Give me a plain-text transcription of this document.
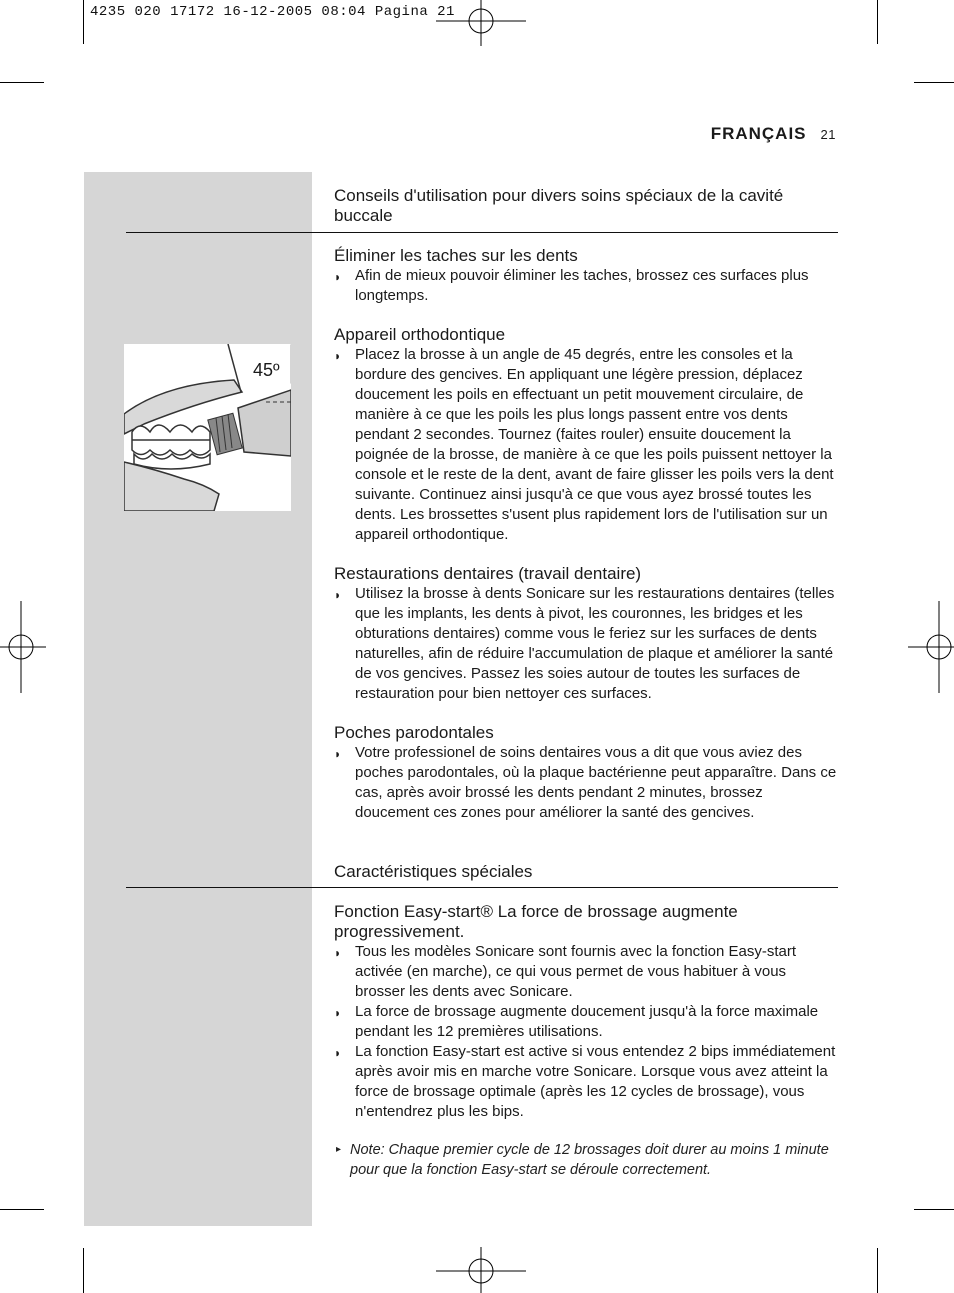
4235 020 17172 16-12-2005 08:04 Pagina 21
FRANÇAIS 21
45º

Conseils d'utilisation pour divers soins spéciaux de la cavité buccale

Éliminer les taches sur les dents

◗ Afin de mieux pouvoir éliminer les taches, brossez ces surfaces plus longtemps.

Appareil orthodontique

◗ Placez la brosse à un angle de 45 degrés, entre les consoles et la bordure des gencives. En appliquant une légère pression, déplacez doucement les poils en effectuant un petit mouvement circulaire, de manière à ce que les poils les plus longs passent entre vos dents pendant 2 secondes. Tournez (faites rouler) ensuite doucement la poignée de la brosse, de manière à ce que les poils puissent nettoyer la console et le reste de la dent, avant de faire glisser les poils vers la dent suivante. Continuez ainsi jusqu'à ce que vous ayez brossé toutes les dents. Les brossettes s'usent plus rapidement lors de l'utilisation sur un appareil orthodontique.

Restaurations dentaires (travail dentaire)

◗ Utilisez la brosse à dents Sonicare sur les restaurations dentaires (telles que les implants, les dents à pivot, les couronnes, les bridges et les obturations dentaires) comme vous le feriez sur les surfaces de dents naturelles, afin de réduire l'accumulation de plaque et améliorer la santé de vos gencives. Passez les soies autour de toutes les surfaces de restauration pour bien nettoyer ces surfaces.

Poches parodontales

◗ Votre professionel de soins dentaires vous a dit que vous aviez des poches parodontales, où la plaque bactérienne peut apparaître. Dans ce cas, après avoir brossé les dents pendant 2 minutes, brossez doucement ces zones pour améliorer la santé des gencives.

Caractéristiques spéciales

Fonction Easy-start® La force de brossage augmente progressivement.

◗ Tous les modèles Sonicare sont fournis avec la fonction Easy-start activée (en marche), ce qui vous permet de vous habituer à vous brosser les dents avec Sonicare.

◗ La force de brossage augmente doucement jusqu'à la force maximale pendant les 12 premières utilisations.

◗ La fonction Easy-start est active si vous entendez 2 bips immédiatement après avoir mis en marche votre Sonicare. Lorsque vous avez atteint la force de brossage optimale (après les 12 cycles de brossage), vous n'entendrez plus les bips.

▸ Note: Chaque premier cycle de 12 brossages doit durer au moins 1 minute pour que la fonction Easy-start se déroule correctement.
